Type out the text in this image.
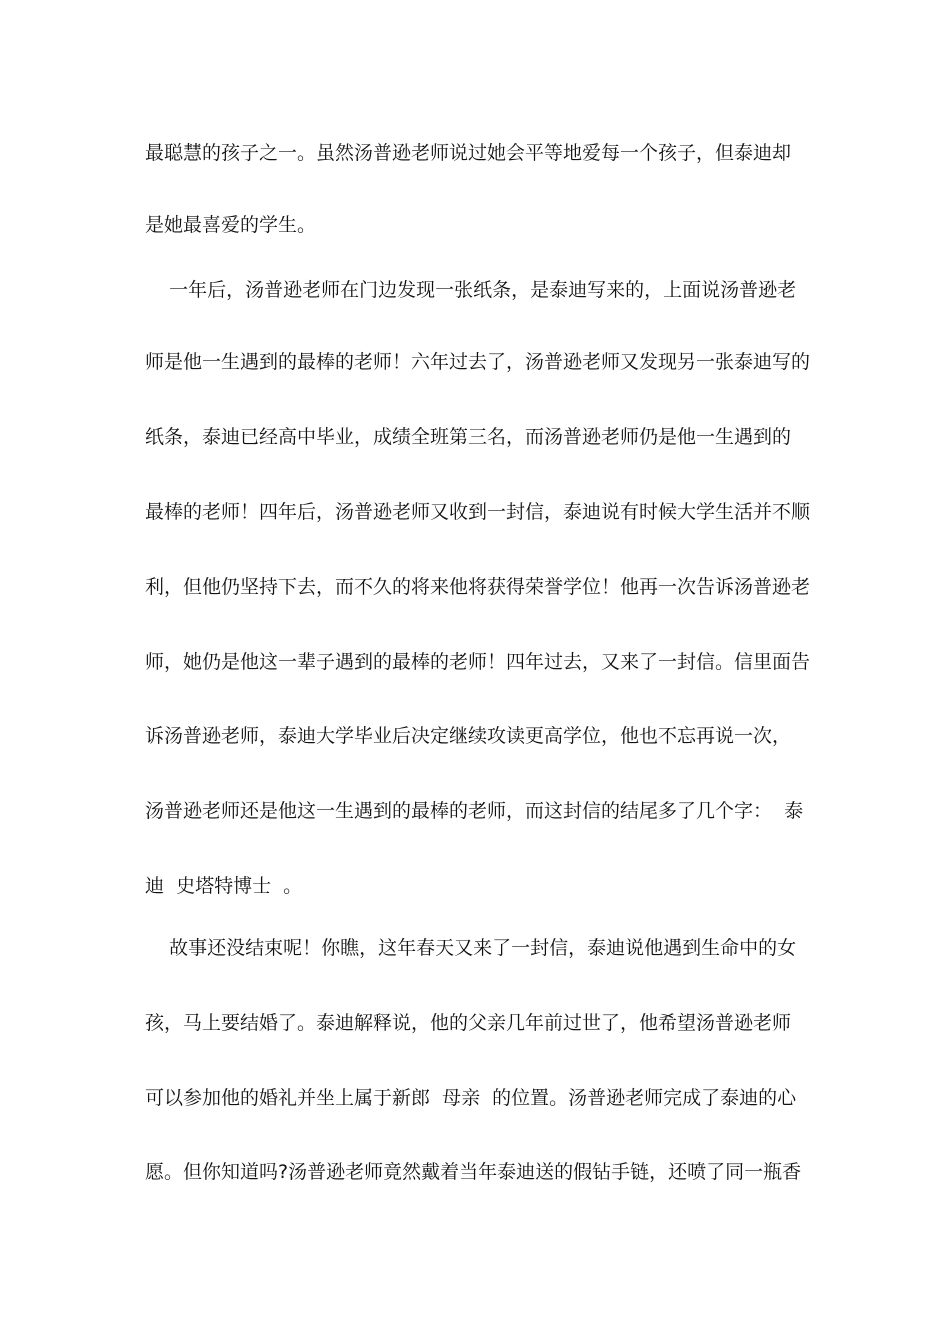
最聪慧的孩子之一。虽然汤普逊老师说过她会平等地爱每一个孩子，但泰迪却
是她最喜爱的学生。
一年后，汤普逊老师在门边发现一张纸条，是泰迪写来的，上面说汤普逊老
师是他一生遇到的最棒的老师！六年过去了，汤普逊老师又发现另一张泰迪写的
纸条，泰迪已经高中毕业，成绩全班第三名，而汤普逊老师仍是他一生遇到的
最棒的老师！四年后，汤普逊老师又收到一封信，泰迪说有时候大学生活并不顺
利，但他仍坚持下去，而不久的将来他将获得荣誉学位！他再一次告诉汤普逊老
师，她仍是他这一辈子遇到的最棒的老师！四年过去，又来了一封信。信里面告
诉汤普逊老师，泰迪大学毕业后决定继续攻读更高学位，他也不忘再说一次，
汤普逊老师还是他这一生遇到的最棒的老师，而这封信的结尾多了几个字：  泰
迪  史塔特博士  。
故事还没结束呢！你瞧，这年春天又来了一封信，泰迪说他遇到生命中的女
孩，马上要结婚了。泰迪解释说，他的父亲几年前过世了，他希望汤普逊老师
可以参加他的婚礼并坐上属于新郎  母亲  的位置。汤普逊老师完成了泰迪的心
愿。但你知道吗?汤普逊老师竟然戴着当年泰迪送的假钻手链，还喷了同一瓶香
